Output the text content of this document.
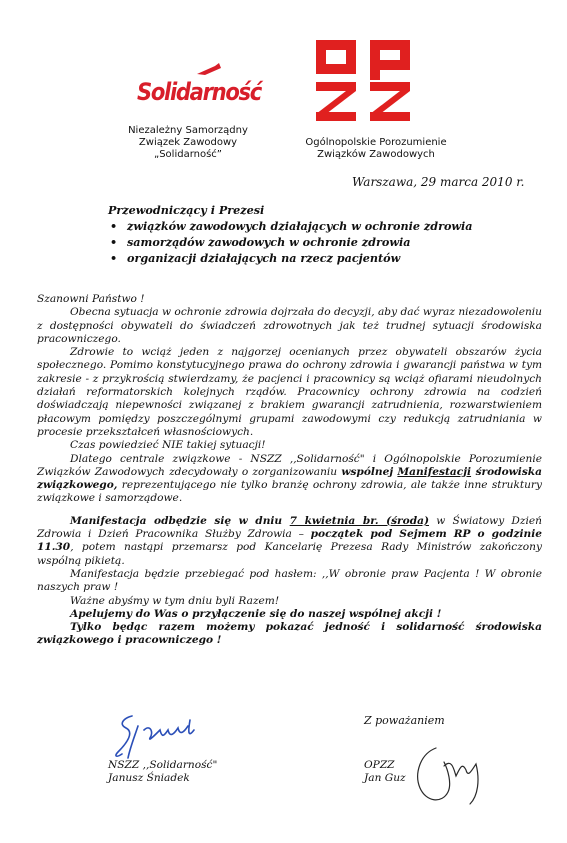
Solidarność
OPZZ
Niezależny Samorządny
Związek Zawodowy
„Solidarność”
Ogólnopolskie Porozumienie
Związków Zawodowych
Warszawa, 29 marca 2010 r.
Przewodniczący i Prezesi
• związków zawodowych działających w ochronie zdrowia
• samorządów zawodowych w ochronie zdrowia
• organizacji działających na rzecz pacjentów

Szanowni Państwo !

Obecna sytuacja w ochronie zdrowia dojrzała do decyzji, aby dać wyraz niezadowoleniu z dostępności obywateli do świadczeń zdrowotnych jak też trudnej sytuacji środowiska pracowniczego.

Zdrowie to wciąż jeden z najgorzej ocenianych przez obywateli obszarów życia społecznego. Pomimo konstytucyjnego prawa do ochrony zdrowia i gwarancji państwa w tym zakresie - z przykrością stwierdzamy, że pacjenci i pracownicy są wciąż ofiarami nieudolnych działań reformatorskich kolejnych rządów. Pracownicy ochrony zdrowia na codzień doświadczają niepewności związanej z brakiem gwarancji zatrudnienia, rozwarstwieniem płacowym pomiędzy poszczególnymi grupami zawodowymi czy redukcją zatrudniania w procesie przekształceń własnościowych.

Czas powiedzieć NIE takiej sytuacji!

Dlatego centrale związkowe - NSZZ ,,Solidarność" i Ogólnopolskie Porozumienie Związków Zawodowych zdecydowały o zorganizowaniu wspólnej Manifestacji środowiska związkowego, reprezentującego nie tylko branżę ochrony zdrowia, ale także inne struktury związkowe i samorządowe.

Manifestacja odbędzie się w dniu 7 kwietnia br. (środa) w Światowy Dzień Zdrowia i Dzień Pracownika Służby Zdrowia – początek pod Sejmem RP o godzinie 11.30, potem nastąpi przemarsz pod Kancelarię Prezesa Rady Ministrów zakończony wspólną pikietą.

Manifestacja będzie przebiegać pod hasłem: ,,W obronie praw Pacjenta ! W obronie naszych praw !

Ważne abyśmy w tym dniu byli Razem!

Apelujemy do Was o przyłączenie się do naszej wspólnej akcji !

Tylko będąc razem możemy pokazać jedność i solidarność środowiska związkowego i pracowniczego !

Z poważaniem
NSZZ ,,Solidarność"
Janusz Śniadek
OPZZ
Jan Guz
